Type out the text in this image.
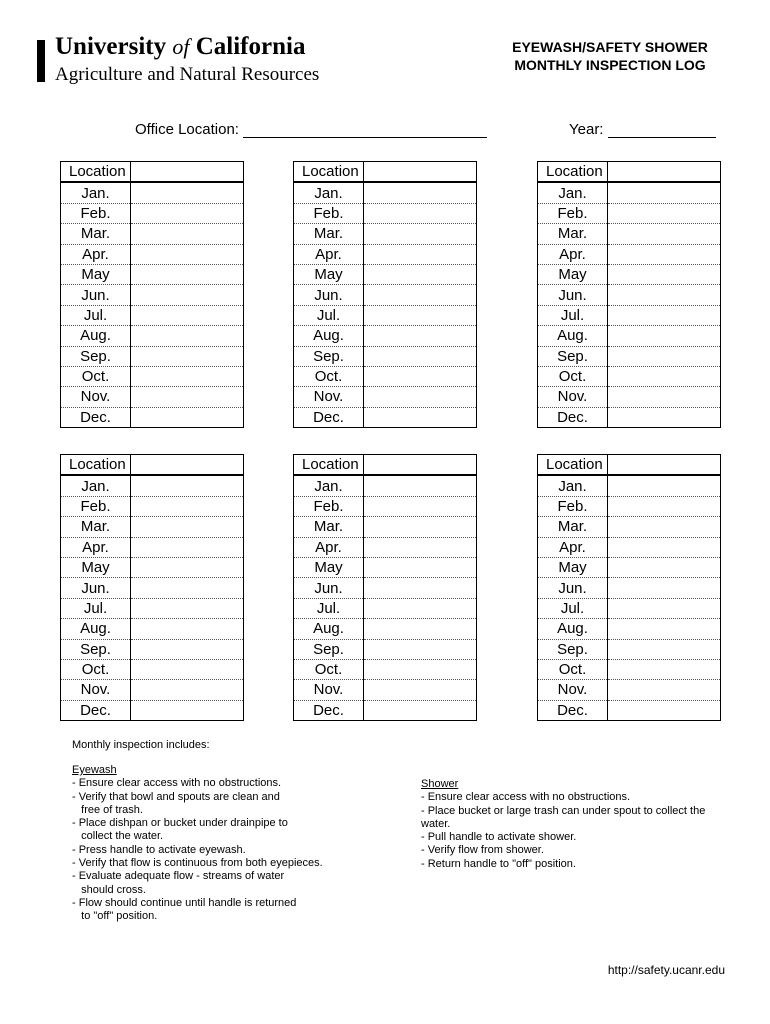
University of California
Agriculture and Natural Resources
EYEWASH/SAFETY SHOWER
MONTHLY INSPECTION LOG
Office Location:	Year:
Location	
Jan.	
Feb.	
Mar.	
Apr.	
May	
Jun.	
Jul.	
Aug.	
Sep.	
Oct.	
Nov.	
Dec.	
Location	
Jan.	
Feb.	
Mar.	
Apr.	
May	
Jun.	
Jul.	
Aug.	
Sep.	
Oct.	
Nov.	
Dec.	
Location	
Jan.	
Feb.	
Mar.	
Apr.	
May	
Jun.	
Jul.	
Aug.	
Sep.	
Oct.	
Nov.	
Dec.	
Location	
Jan.	
Feb.	
Mar.	
Apr.	
May	
Jun.	
Jul.	
Aug.	
Sep.	
Oct.	
Nov.	
Dec.	
Location	
Jan.	
Feb.	
Mar.	
Apr.	
May	
Jun.	
Jul.	
Aug.	
Sep.	
Oct.	
Nov.	
Dec.	
Location	
Jan.	
Feb.	
Mar.	
Apr.	
May	
Jun.	
Jul.	
Aug.	
Sep.	
Oct.	
Nov.	
Dec.	
Monthly inspection includes:
Eyewash
- Ensure clear access with no obstructions.
- Verify that bowl and spouts are clean and
free of trash.
- Place dishpan or bucket under drainpipe to
collect the water.
- Press handle to activate eyewash.
- Verify that flow is continuous from both eyepieces.
- Evaluate adequate flow - streams of water
should cross.
- Flow should continue until handle is returned
to "off" position.
Shower
- Ensure clear access with no obstructions.
- Place bucket or large trash can under spout to collect the
water.
- Pull handle to activate shower.
- Verify flow from shower.
- Return handle to "off" position.
http://safety.ucanr.edu
